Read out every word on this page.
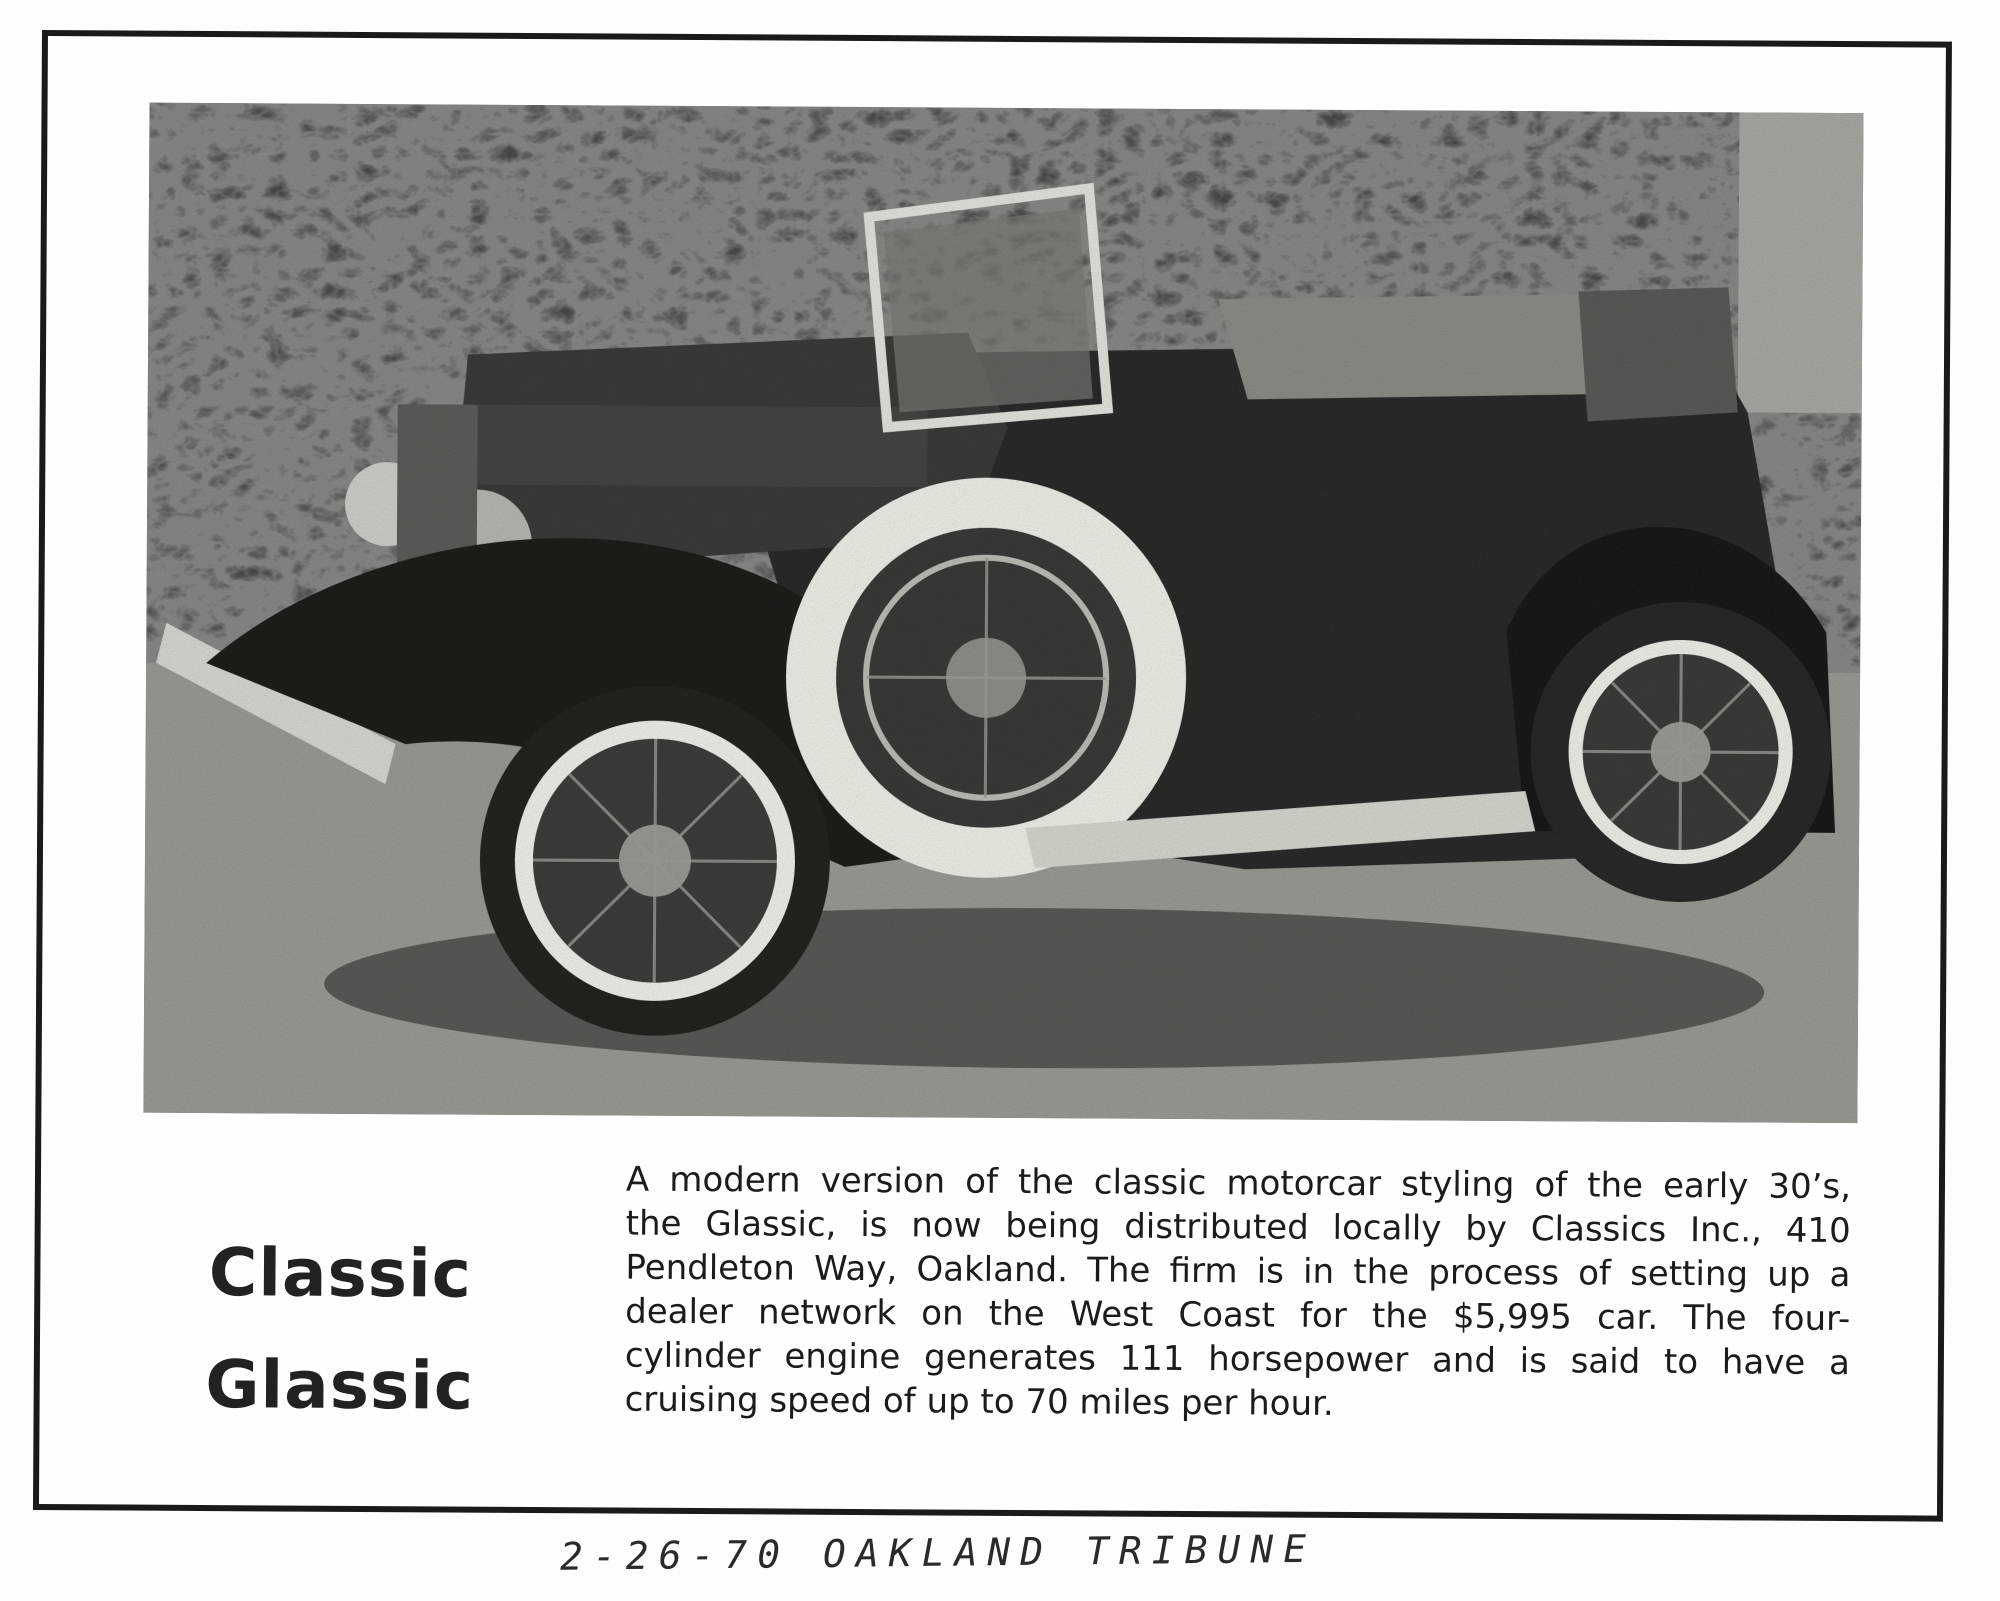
Classic
Glassic
A modern version of the classic motorcar styling of the early 30’s,
the Glassic, is now being distributed locally by Classics Inc., 410
Pendleton Way, Oakland. The firm is in the process of setting up a
dealer network on the West Coast for the $5,995 car. The four-
cylinder engine generates 111 horsepower and is said to have a
cruising speed of up to 70 miles per hour.
2-26-70 OAKLAND TRIBUNE
